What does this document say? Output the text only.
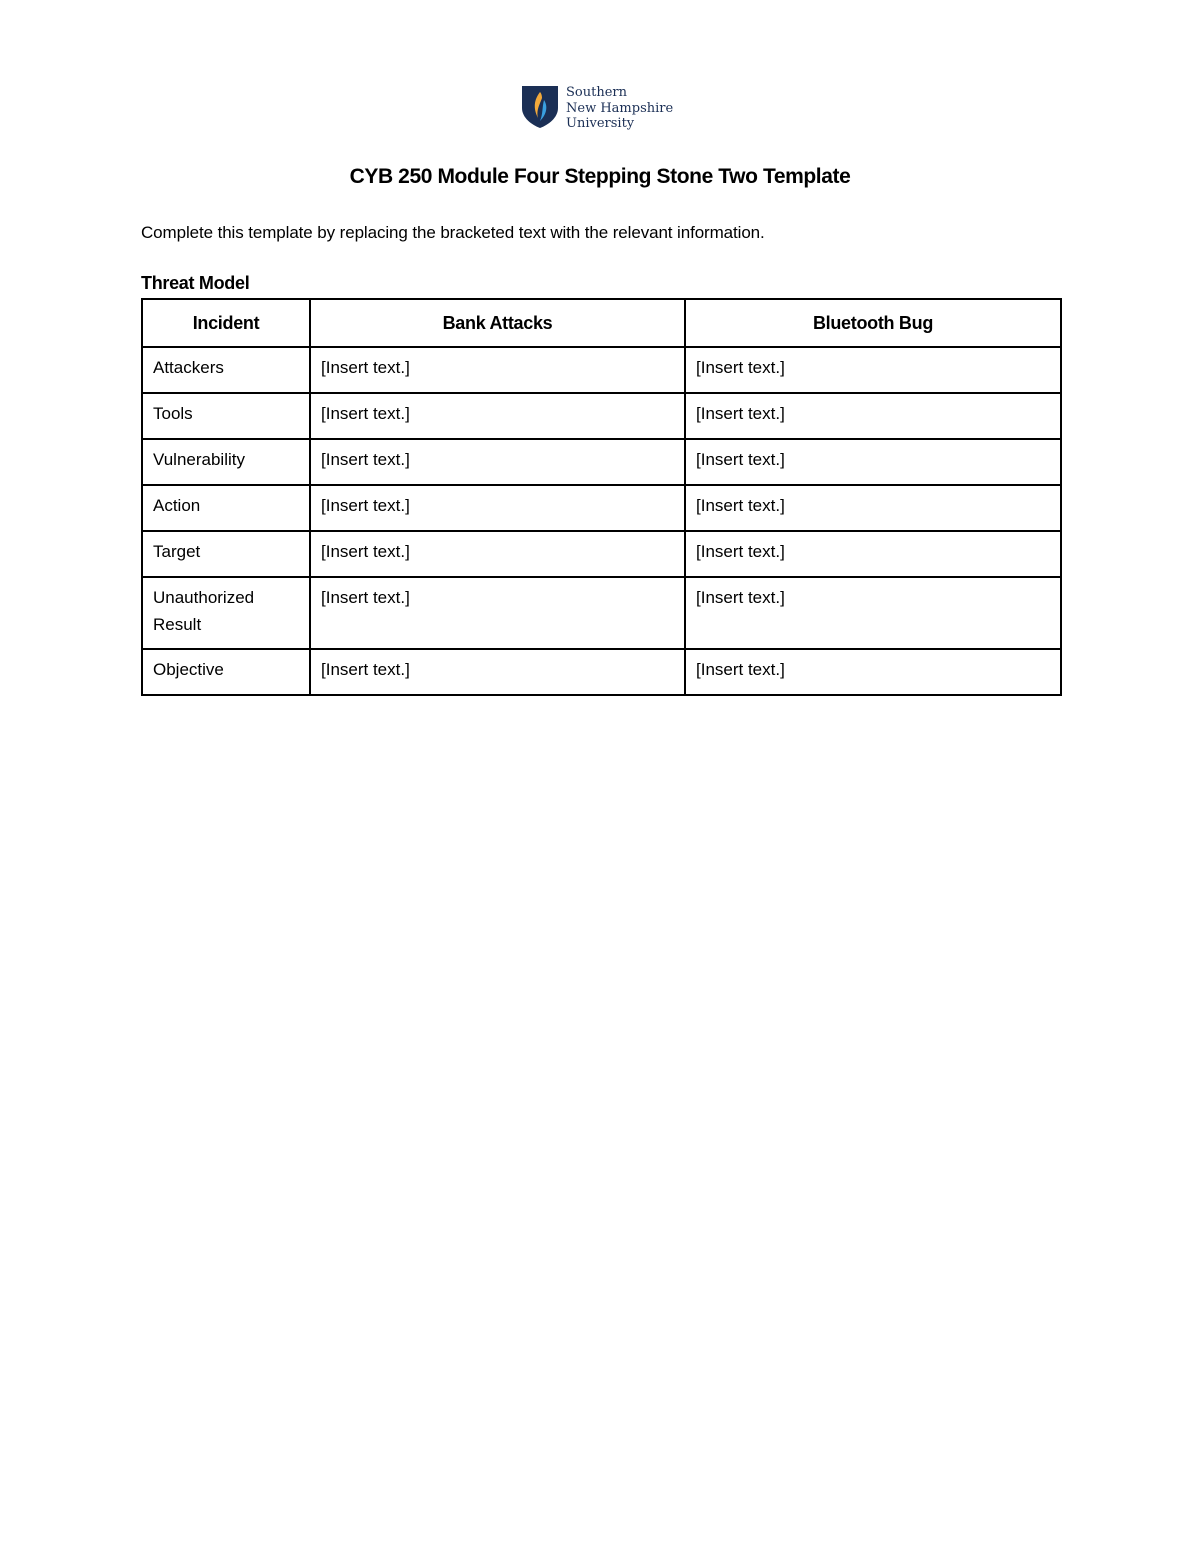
Southern
New Hampshire
University
CYB 250 Module Four Stepping Stone Two Template
Complete this template by replacing the bracketed text with the relevant information.
Threat Model
Incident	Bank Attacks	Bluetooth Bug

Attackers	[Insert text.]	[Insert text.]

Tools	[Insert text.]	[Insert text.]

Vulnerability	[Insert text.]	[Insert text.]

Action	[Insert text.]	[Insert text.]

Target	[Insert text.]	[Insert text.]

Unauthorized Result	[Insert text.]	[Insert text.]

Objective	[Insert text.]	[Insert text.]
